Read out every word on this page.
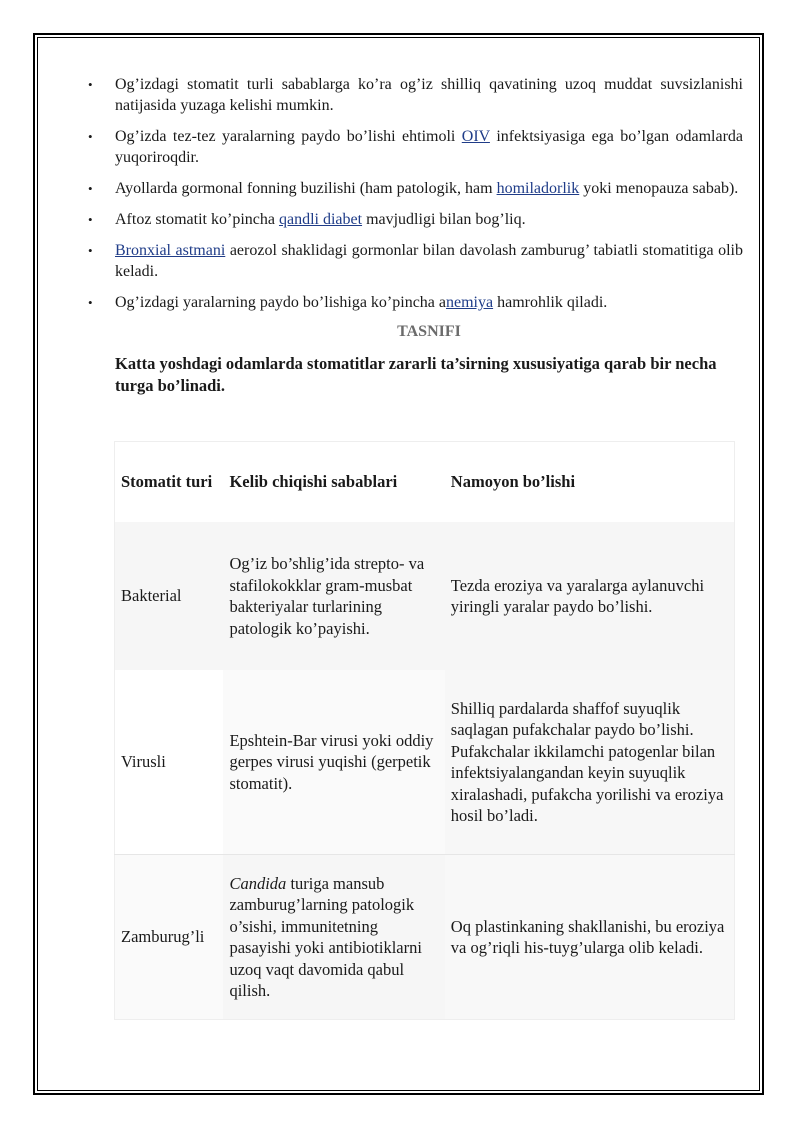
• Og’izdagi stomatit turli sabablarga ko’ra og’iz shilliq qavatining uzoq muddat suvsizlanishi natijasida yuzaga kelishi mumkin.
• Og’izda tez-tez yaralarning paydo bo’lishi ehtimoli OIV infektsiyasiga ega bo’lgan odamlarda yuqoriroqdir.
• Ayollarda gormonal fonning buzilishi (ham patologik, ham homiladorlik yoki menopauza sabab).
• Aftoz stomatit ko’pincha qandli diabet mavjudligi bilan bog’liq.
• Bronxial astmani aerozol shaklidagi gormonlar bilan davolash zamburug’ tabiatli stomatitiga olib keladi.
• Og’izdagi yaralarning paydo bo’lishiga ko’pincha anemiya hamrohlik qiladi.
TASNIFI
Katta yoshdagi odamlarda stomatitlar zararli ta’sirning xususiyatiga qarab bir necha turga bo’linadi.
Stomatit turi	Kelib chiqishi sabablari	Namoyon bo’lishi
Bakterial	Og’iz bo’shlig’ida strepto- va stafilokokklar gram-musbat bakteriyalar turlarining patologik ko’payishi.	Tezda eroziya va yaralarga aylanuvchi yiringli yaralar paydo bo’lishi.
Virusli	Epshtein-Bar virusi yoki oddiy gerpes virusi yuqishi (gerpetik stomatit).	Shilliq pardalarda shaffof suyuqlik saqlagan pufakchalar paydo bo’lishi. Pufakchalar ikkilamchi patogenlar bilan infektsiyalangandan keyin suyuqlik xiralashadi, pufakcha yorilishi va eroziya hosil bo’ladi.
Zamburug’li	Candida turiga mansub zamburug’larning patologik o’sishi, immunitetning pasayishi yoki antibiotiklarni uzoq vaqt davomida qabul qilish.	Oq plastinkaning shakllanishi, bu eroziya va og’riqli his-tuyg’ularga olib keladi.
